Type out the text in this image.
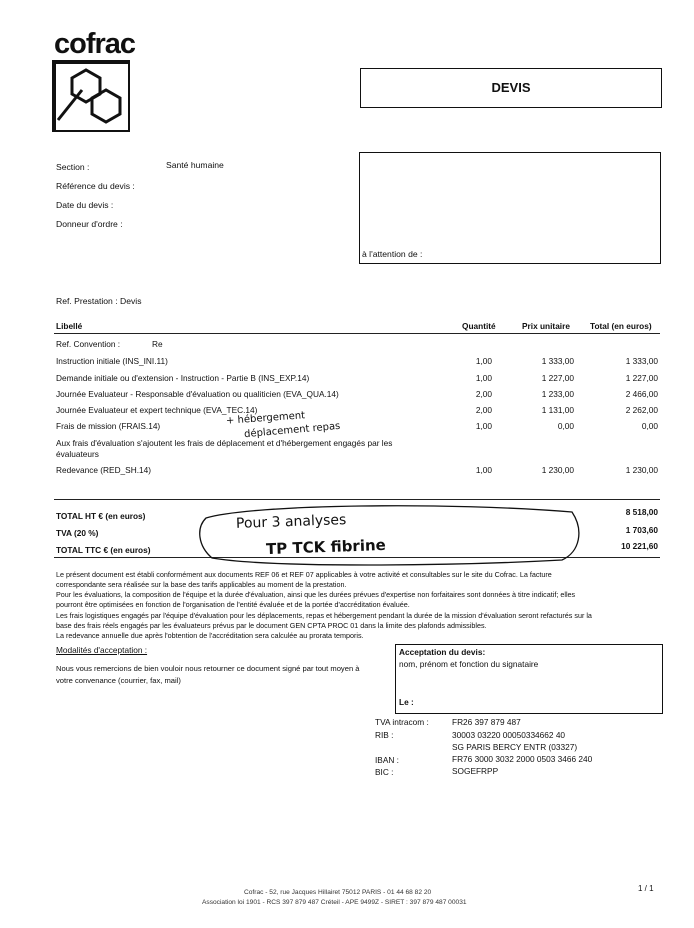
cofrac
DEVIS
Section :	Santé humaine
Référence du devis :
Date du devis :
Donneur d'ordre :
à l'attention de :
Ref. Prestation : Devis
Libellé	Quantité	Prix unitaire Total (en euros)
Ref. Convention :	Re
Instruction initiale (INS_INI.11)	1,00	1 333,00	1 333,00
Demande initiale ou d'extension - Instruction - Partie B (INS_EXP.14)	1,00	1 227,00	1 227,00
Journée Evaluateur - Responsable d'évaluation ou qualiticien (EVA_QUA.14)	2,00	1 233,00	2 466,00
Journée Evaluateur et expert technique (EVA_TEC.14)	2,00	1 131,00	2 262,00
Frais de mission (FRAIS.14)	1,00	0,00	0,00
Aux frais d'évaluation s'ajoutent les frais de déplacement et d'hébergement engagés par les
évaluateurs
Redevance (RED_SH.14)	1,00	1 230,00	1 230,00
+ hébergement
déplacement repas
TOTAL HT € (en euros)	8 518,00
TVA (20 %)	1 703,60
TOTAL TTC € (en euros)	10 221,60
Pour 3 analyses
TP TCK fibrine
Le présent document est établi conformément aux documents REF 06 et REF 07 applicables à votre activité et consultables sur le site du Cofrac. La facture
correspondante sera réalisée sur la base des tarifs applicables au moment de la prestation.
Pour les évaluations, la composition de l'équipe et la durée d'évaluation, ainsi que les durées prévues d'expertise non forfaitaires sont données à titre indicatif; elles
pourront être optimisées en fonction de l'organisation de l'entité évaluée et de la portée d'accréditation évaluée.
Les frais logistiques engagés par l'équipe d'évaluation pour les déplacements, repas et hébergement pendant la durée de la mission d'évaluation seront refacturés sur la
base des frais réels engagés par les évaluateurs prévus par le document GEN CPTA PROC 01 dans la limite des plafonds admissibles.
La redevance annuelle due après l'obtention de l'accréditation sera calculée au prorata temporis.
Modalités d'acceptation :
Nous vous remercions de bien vouloir nous retourner ce document signé par tout moyen à
votre convenance (courrier, fax, mail)
Acceptation du devis:
nom, prénom et fonction du signataire
Le :
TVA intracom :	FR26 397 879 487
RIB :	30003 03220 00050334662 40
SG PARIS BERCY ENTR (03327)
IBAN :	FR76 3000 3032 2000 0503 3466 240
BIC :	SOGEFRPP
Cofrac - 52, rue Jacques Hillairet 75012 PARIS - 01 44 68 82 20
Association loi 1901 - RCS 397 879 487 Créteil - APE 9499Z - SIRET : 397 879 487 00031
1 / 1
